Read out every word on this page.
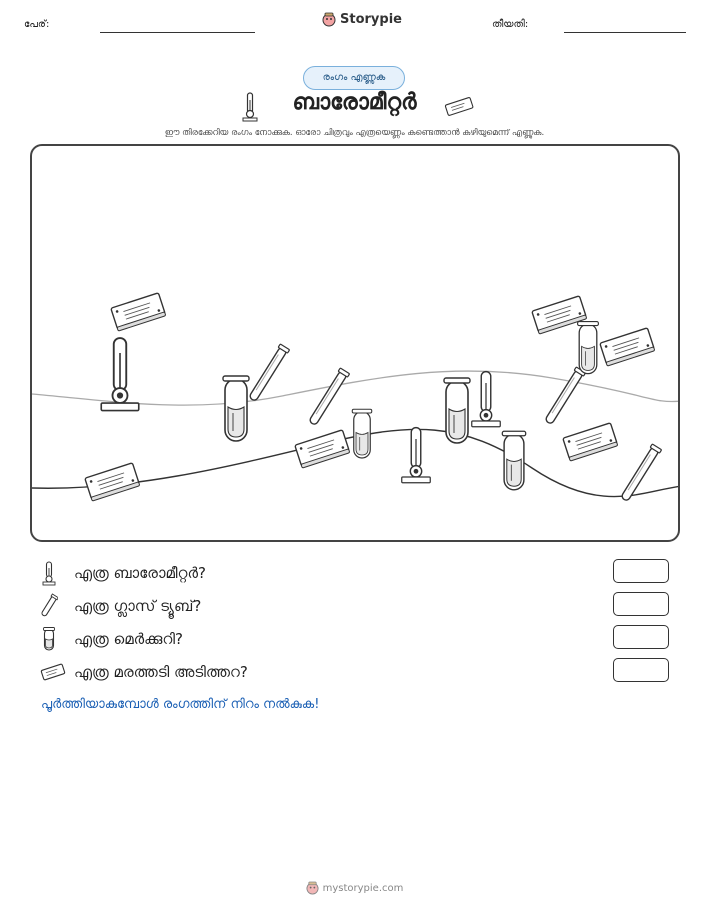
പേര്:	Storypie	തീയതി:
രംഗം എണ്ണുക
ബാരോമീറ്റർ
ഈ തിരക്കേറിയ രംഗം നോക്കുക. ഓരോ ചിത്രവും എത്രയെണ്ണം കണ്ടെത്താൻ കഴിയുമെന്ന് എണ്ണുക.
എത്ര ബാരോമീറ്റർ?
എത്ര ഗ്ലാസ് ട്യൂബ്?
എത്ര മെർക്കുറി?
എത്ര മരത്തടി അടിത്തറ?
പൂർത്തിയാകുമ്പോൾ രംഗത്തിന് നിറം നൽകുക!
mystorypie.com
